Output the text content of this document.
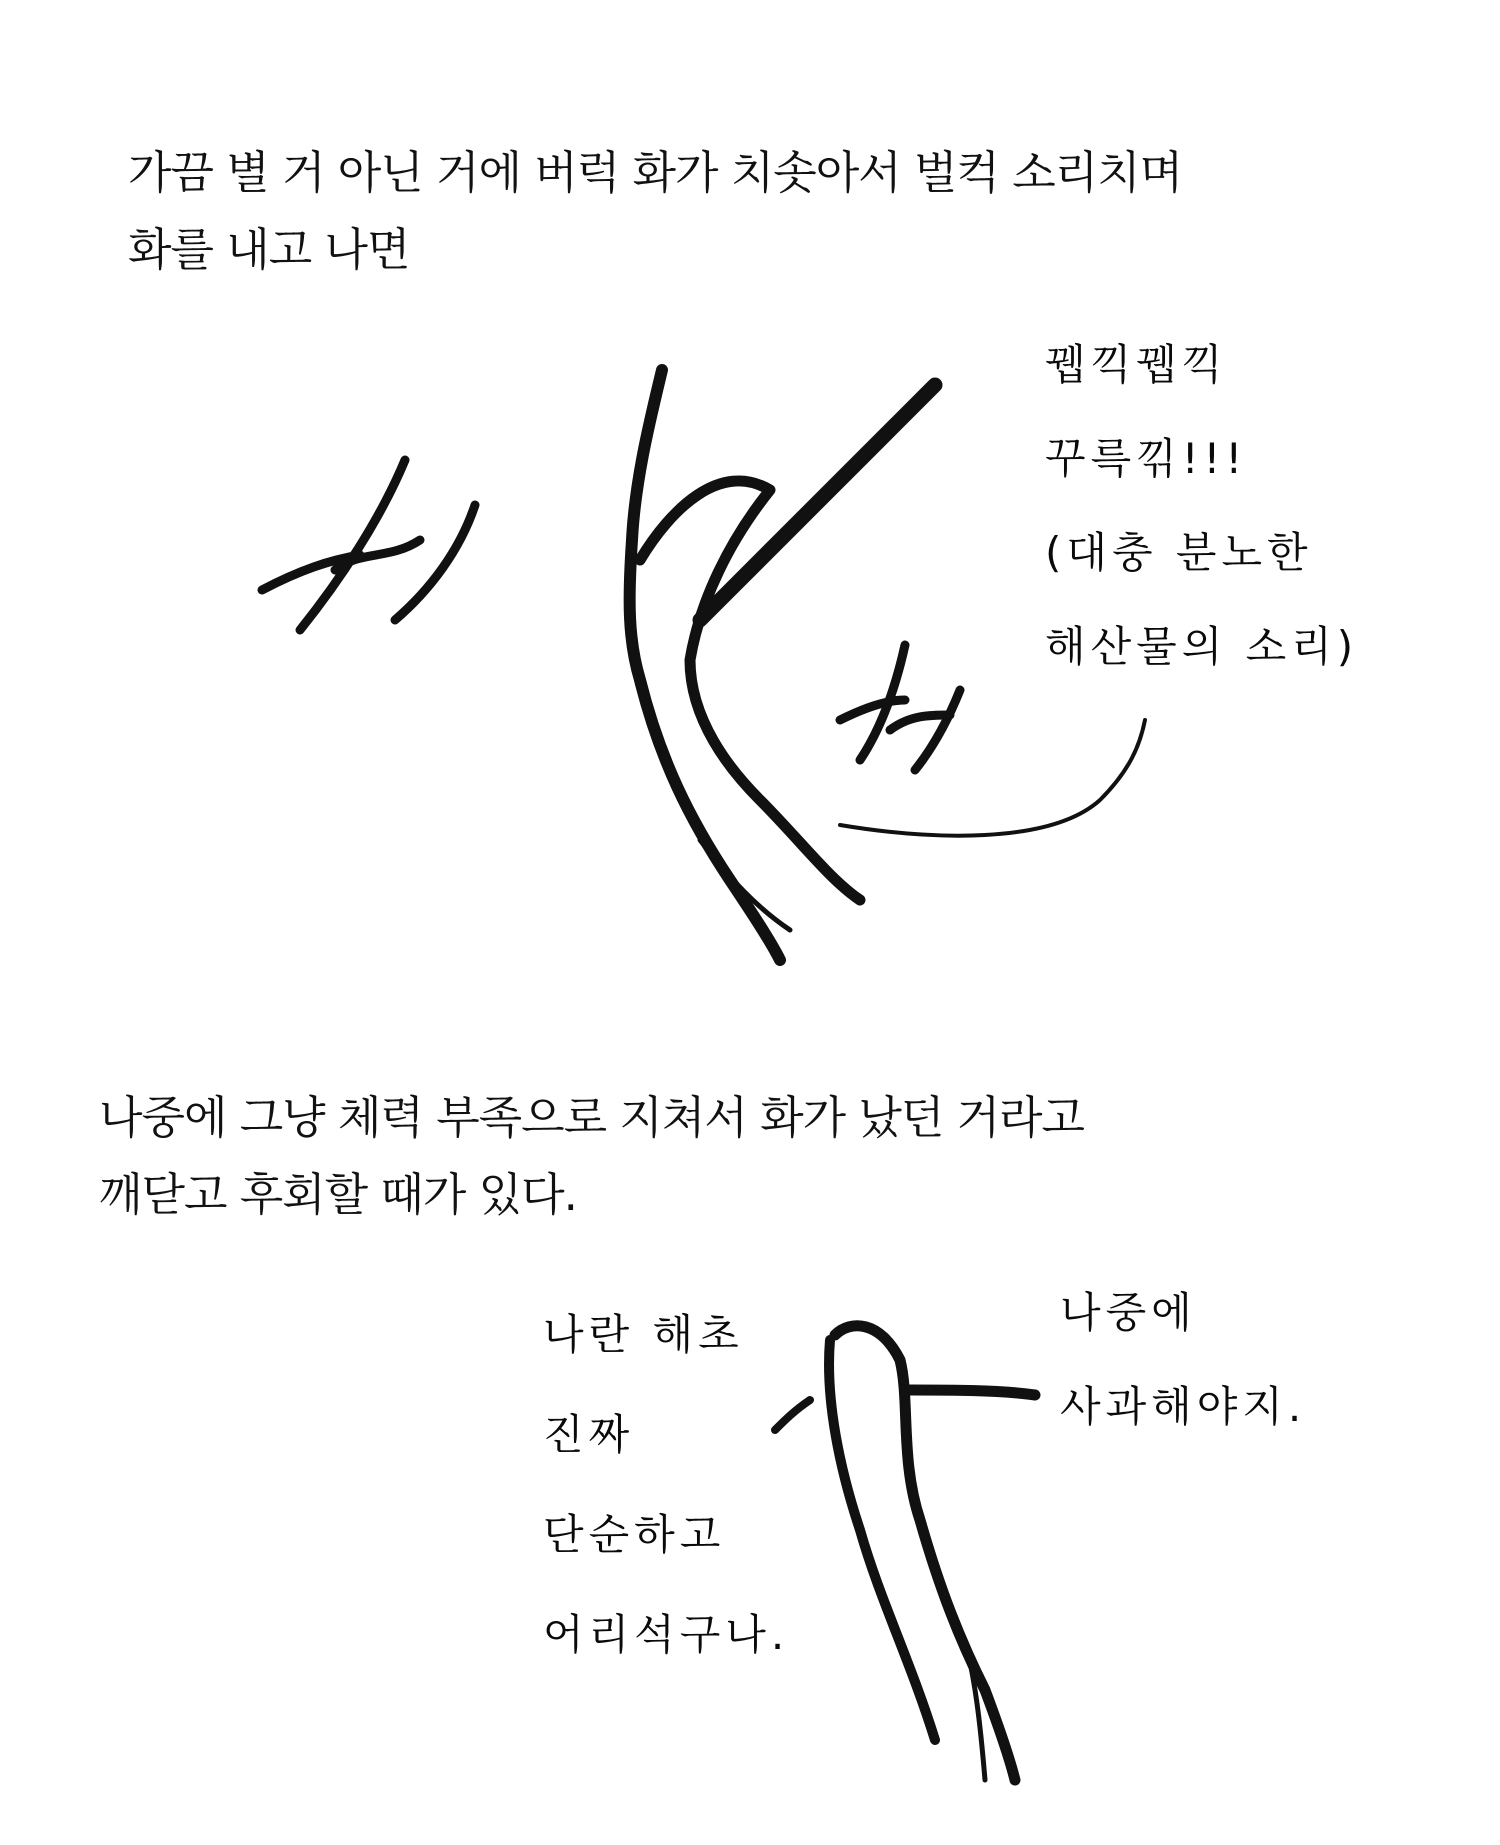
가끔 별 거 아닌 거에 버럭 화가 치솟아서 벌컥 소리치며
화를 내고 나면
뀁끽뀁끽
꾸륵끾!!!
(대충 분노한
해산물의 소리)
나중에 그냥 체력 부족으로 지쳐서 화가 났던 거라고
깨닫고 후회할 때가 있다.
나란 해초
진짜
단순하고
어리석구나.
나중에
사과해야지.
